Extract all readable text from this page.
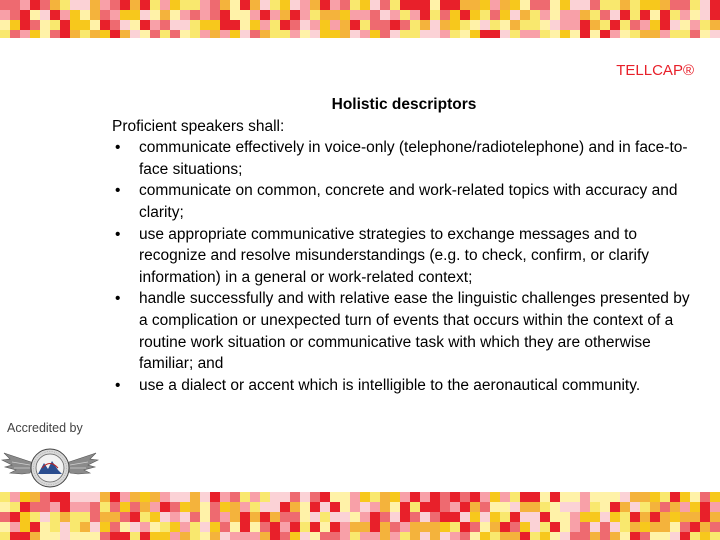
TELLCAP®

Holistic descriptors

Proficient speakers shall:

• communicate effectively in voice-only (telephone/radiotelephone) and in face-to-face situations;
• communicate on common, concrete and work-related topics with accuracy and clarity;
• use appropriate communicative strategies to exchange messages and to recognize and resolve misunderstandings (e.g. to check, confirm, or clarify information) in a general or work-related context;
• handle successfully and with relative ease the linguistic challenges presented by a complication or unexpected turn of events that occurs within the context of a routine work situation or communicative task with which they are otherwise familiar; and
• use a dialect or accent which is intelligible to the aeronautical community.
Accredited by
